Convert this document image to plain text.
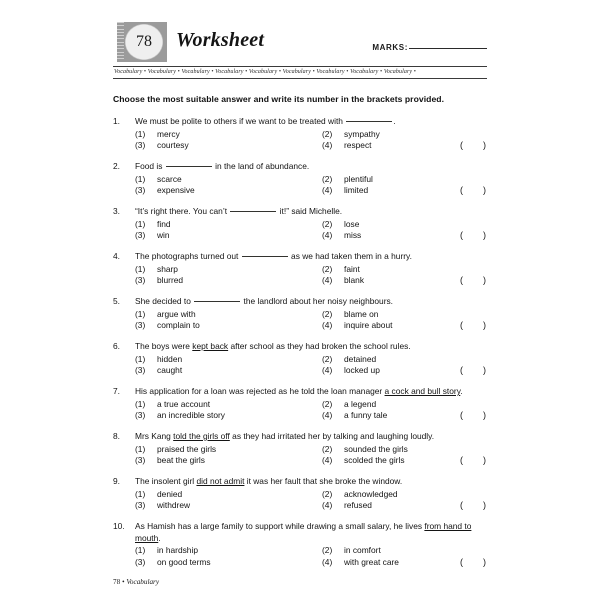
78	Worksheet	MARKS:
Vocabulary • Vocabulary • Vocabulary • Vocabulary • Vocabulary • Vocabulary • Vocabulary • Vocabulary • Vocabulary •
Choose the most suitable answer and write its number in the brackets provided.
1.	We must be polite to others if we want to be treated with	.
(1) mercy	(2) sympathy
(3) courtesy	(4) respect	(        )
2.	Food is	in the land of abundance.
(1) scarce	(2) plentiful
(3) expensive	(4) limited	(        )
3.	“It’s right there. You can’t	it!” said Michelle.
(1) find	(2) lose
(3) win	(4) miss	(        )
4.	The photographs turned out	as we had taken them in a hurry.
(1) sharp	(2) faint
(3) blurred	(4) blank	(        )
5.	She decided to	the landlord about her noisy neighbours.
(1) argue with	(2) blame on
(3) complain to	(4) inquire about	(        )
6.	The boys were kept back after school as they had broken the school rules.
(1) hidden	(2) detained
(3) caught	(4) locked up	(        )
7.	His application for a loan was rejected as he told the loan manager a cock and bull story.
(1) a true account	(2) a legend
(3) an incredible story	(4) a funny tale	(        )
8.	Mrs Kang told the girls off as they had irritated her by talking and laughing loudly.
(1) praised the girls	(2) sounded the girls
(3) beat the girls	(4) scolded the girls	(        )
9.	The insolent girl did not admit it was her fault that she broke the window.
(1) denied	(2) acknowledged
(3) withdrew	(4) refused	(        )
10.	As Hamish has a large family to support while drawing a small salary, he lives from hand to mouth.
(1) in hardship	(2) in comfort
(3) on good terms	(4) with great care	(        )
78 • Vocabulary
